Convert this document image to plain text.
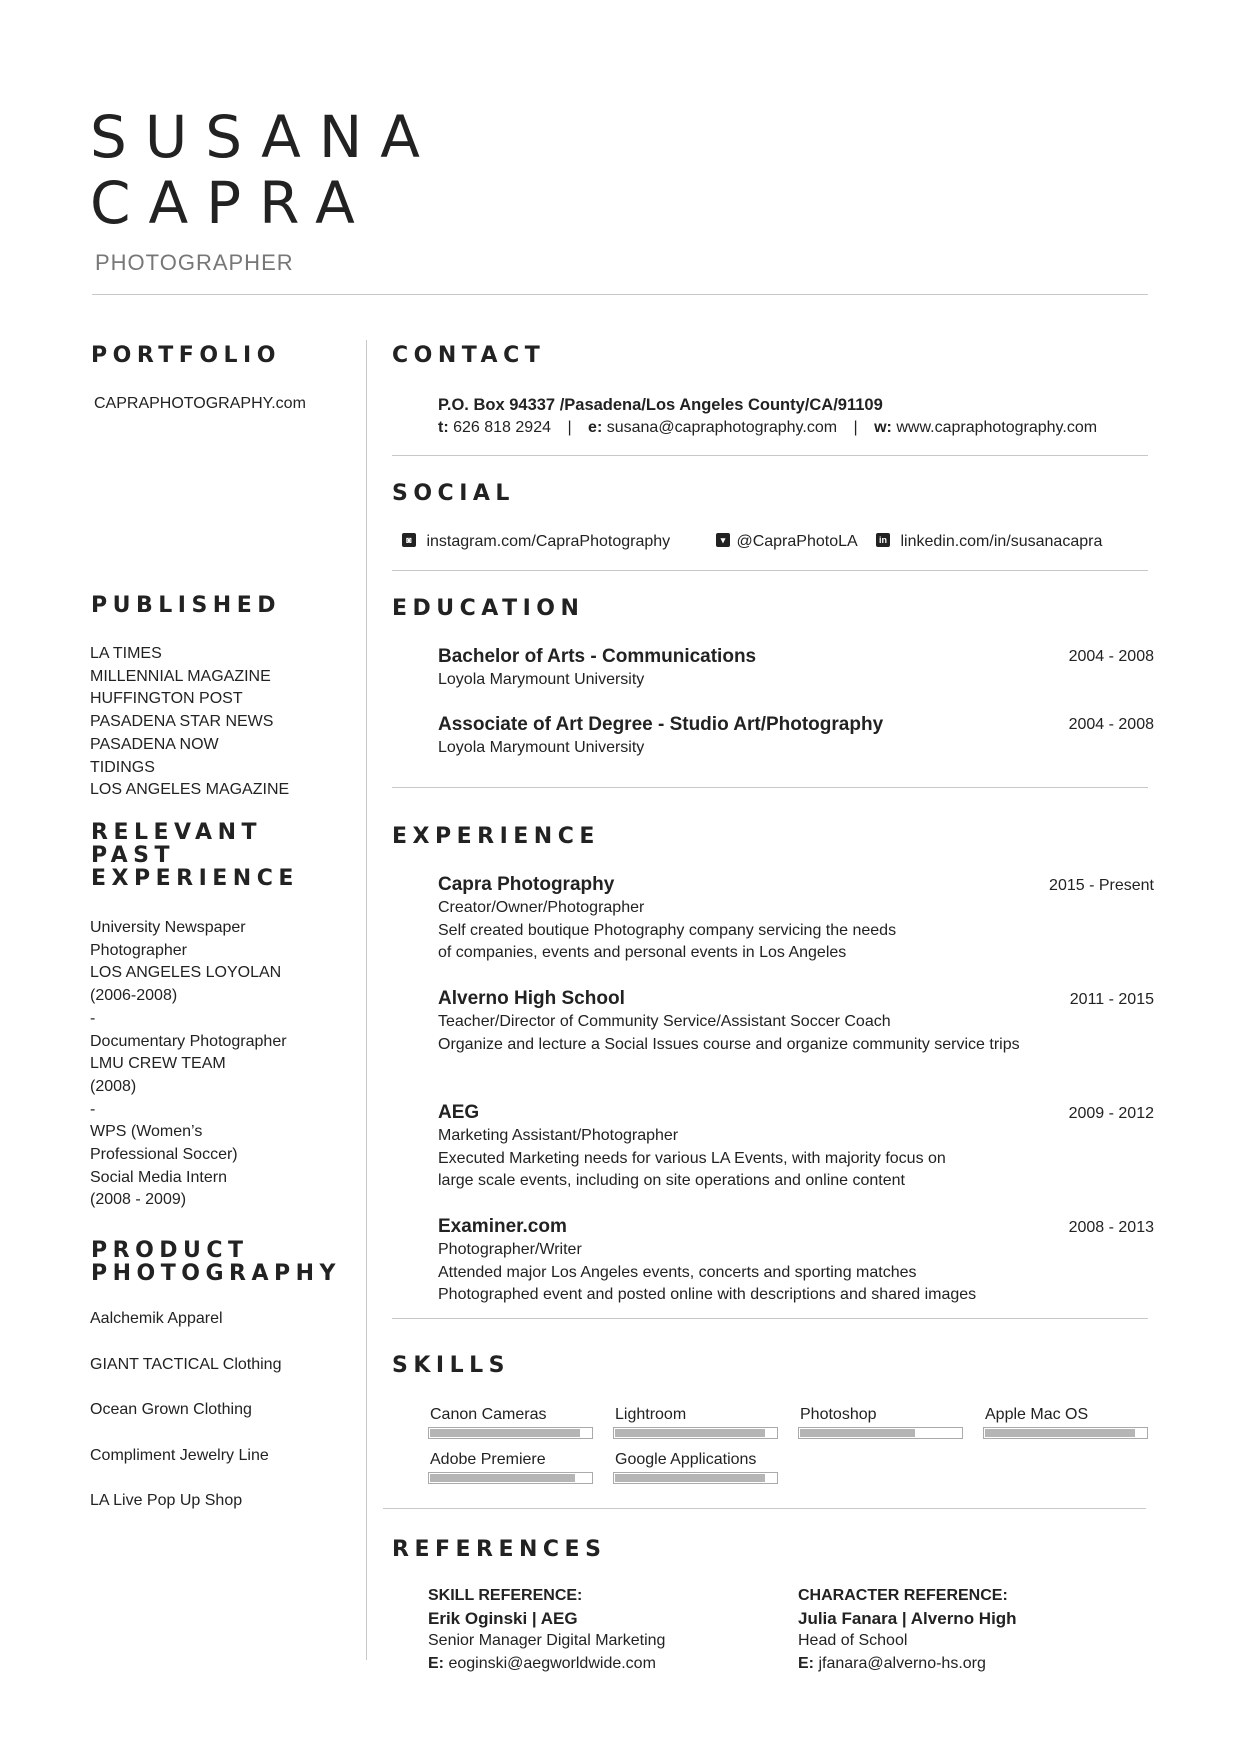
SUSANA
CAPRA
PHOTOGRAPHER
PORTFOLIO
CAPRAPHOTOGRAPHY.com
PUBLISHED
LA TIMES
MILLENNIAL MAGAZINE
HUFFINGTON POST
PASADENA STAR NEWS
PASADENA NOW
TIDINGS
LOS ANGELES MAGAZINE
RELEVANT
PAST
EXPERIENCE
University Newspaper
Photographer
LOS ANGELES LOYOLAN
(2006-2008)
-
Documentary Photographer
LMU CREW TEAM
(2008)
-
WPS (Women’s
Professional Soccer)
Social Media Intern
(2008 - 2009)
PRODUCT
PHOTOGRAPHY
Aalchemik Apparel
GIANT TACTICAL Clothing
Ocean Grown Clothing
Compliment Jewelry Line
LA Live Pop Up Shop
CONTACT
P.O. Box 94337 /Pasadena/Los Angeles County/CA/91109
t: 626 818 2924 | e: susana@capraphotography.com | w: www.capraphotography.com
SOCIAL
◙ instagram.com/CapraPhotography	▾ @CapraPhotoLA	in linkedin.com/in/susanacapra
EDUCATION
Bachelor of Arts - Communications
Loyola Marymount University
2004 - 2008
Associate of Art Degree - Studio Art/Photography
Loyola Marymount University
2004 - 2008
EXPERIENCE
Capra Photography
Creator/Owner/Photographer
Self created boutique Photography company servicing the needs
of companies, events and personal events in Los Angeles
2015 - Present
Alverno High School
Teacher/Director of Community Service/Assistant Soccer Coach
Organize and lecture a Social Issues course and organize community service trips
2011 - 2015
AEG
Marketing Assistant/Photographer
Executed Marketing needs for various LA Events, with majority focus on
large scale events, including on site operations and online content
2009 - 2012
Examiner.com
Photographer/Writer
Attended major Los Angeles events, concerts and sporting matches
Photographed event and posted online with descriptions and shared images
2008 - 2013
SKILLS
Canon Cameras	Lightroom	Photoshop	Apple Mac OS
Adobe Premiere	Google Applications
REFERENCES
SKILL REFERENCE:
Erik Oginski | AEG
Senior Manager Digital Marketing
E: eoginski@aegworldwide.com
CHARACTER REFERENCE:
Julia Fanara | Alverno High
Head of School
E: jfanara@alverno-hs.org
